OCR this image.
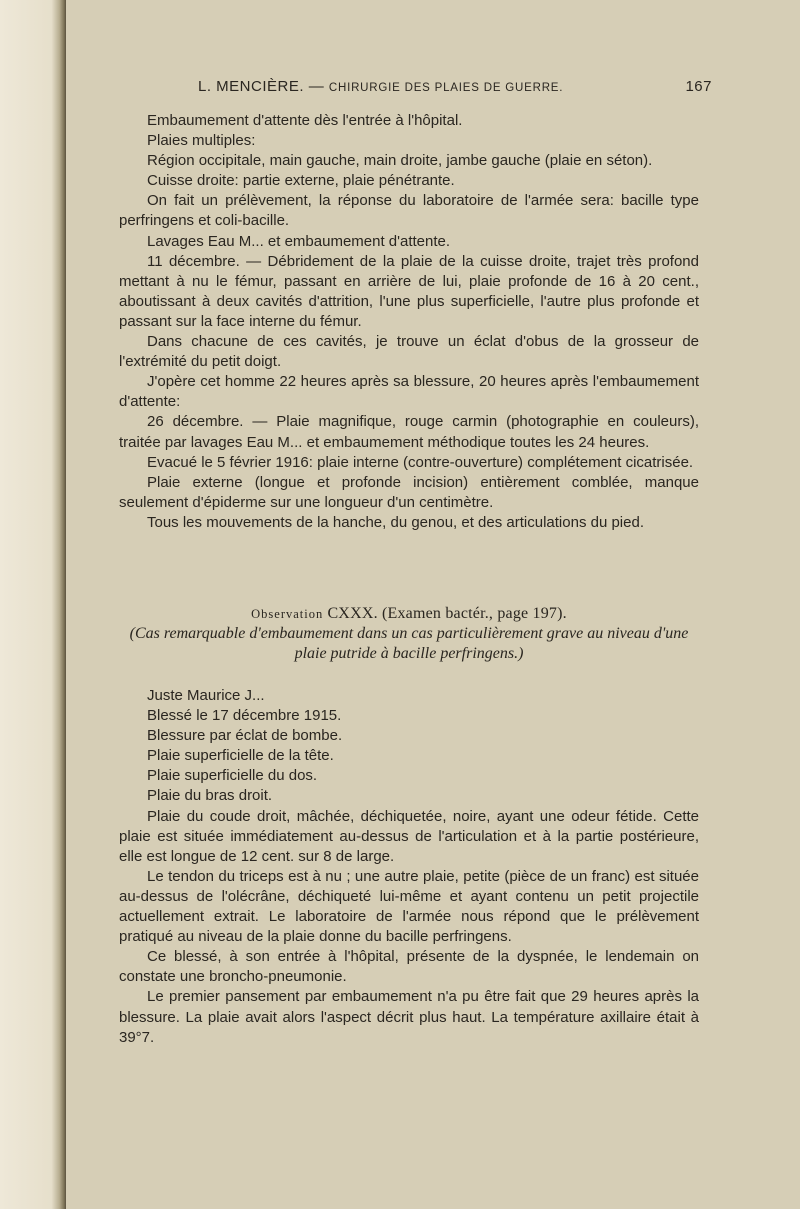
L. MENCIÈRE. — CHIRURGIE DES PLAIES DE GUERRE.	167

Embaumement d'attente dès l'entrée à l'hôpital.

Plaies multiples:

Région occipitale, main gauche, main droite, jambe gauche (plaie en séton).

Cuisse droite: partie externe, plaie pénétrante.

On fait un prélèvement, la réponse du laboratoire de l'armée sera: bacille type perfringens et coli-bacille.

Lavages Eau M... et embaumement d'attente.

11 décembre. — Débridement de la plaie de la cuisse droite, trajet très profond mettant à nu le fémur, passant en arrière de lui, plaie profonde de 16 à 20 cent., aboutissant à deux cavités d'attrition, l'une plus superficielle, l'autre plus profonde et passant sur la face interne du fémur.

Dans chacune de ces cavités, je trouve un éclat d'obus de la grosseur de l'extrémité du petit doigt.

J'opère cet homme 22 heures après sa blessure, 20 heures après l'embaumement d'attente:

26 décembre. — Plaie magnifique, rouge carmin (photographie en couleurs), traitée par lavages Eau M... et embaumement méthodique toutes les 24 heures.

Evacué le 5 février 1916: plaie interne (contre-ouverture) complétement cicatrisée.

Plaie externe (longue et profonde incision) entièrement comblée, manque seulement d'épiderme sur une longueur d'un centimètre.

Tous les mouvements de la hanche, du genou, et des articulations du pied.

Observation CXXX. (Examen bactér., page 197).
(Cas remarquable d'embaumement dans un cas particulièrement grave au niveau d'une plaie putride à bacille perfringens.)

Juste Maurice J...

Blessé le 17 décembre 1915.

Blessure par éclat de bombe.

Plaie superficielle de la tête.

Plaie superficielle du dos.

Plaie du bras droit.

Plaie du coude droit, mâchée, déchiquetée, noire, ayant une odeur fétide. Cette plaie est située immédiatement au-dessus de l'articulation et à la partie postérieure, elle est longue de 12 cent. sur 8 de large.

Le tendon du triceps est à nu ; une autre plaie, petite (pièce de un franc) est située au-dessus de l'olécrâne, déchiqueté lui-même et ayant contenu un petit projectile actuellement extrait. Le laboratoire de l'armée nous répond que le prélèvement pratiqué au niveau de la plaie donne du bacille perfringens.

Ce blessé, à son entrée à l'hôpital, présente de la dyspnée, le lendemain on constate une broncho-pneumonie.

Le premier pansement par embaumement n'a pu être fait que 29 heures après la blessure. La plaie avait alors l'aspect décrit plus haut. La température axillaire était à 39°7.
